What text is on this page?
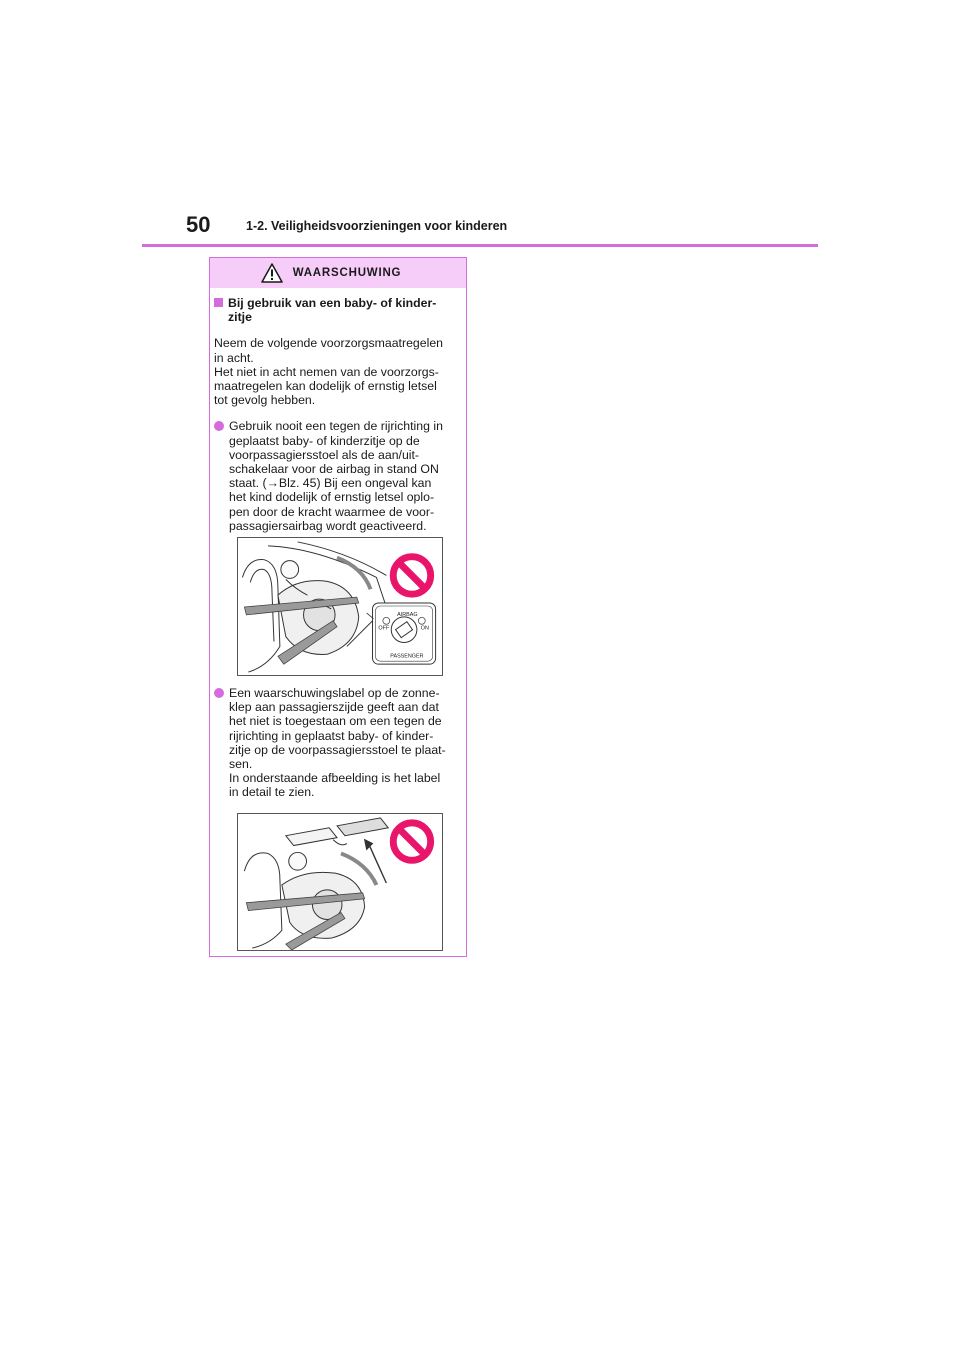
50	1-2. Veiligheidsvoorzieningen voor kinderen
WAARSCHUWING
Bij gebruik van een baby- of kinder-
zitje
Neem de volgende voorzorgsmaatregelen
in acht.
Het niet in acht nemen van de voorzorgs-
maatregelen kan dodelijk of ernstig letsel
tot gevolg hebben.
Gebruik nooit een tegen de rijrichting in
geplaatst baby- of kinderzitje op de
voorpassagiersstoel als de aan/uit-
schakelaar voor de airbag in stand ON
staat. (→Blz. 45) Bij een ongeval kan
het kind dodelijk of ernstig letsel oplo-
pen door de kracht waarmee de voor-
passagiersairbag wordt geactiveerd.
AIRBAG
OFF	ON
PASSENGER
Een waarschuwingslabel op de zonne-
klep aan passagierszijde geeft aan dat
het niet is toegestaan om een tegen de
rijrichting in geplaatst baby- of kinder-
zitje op de voorpassagiersstoel te plaat-
sen.
In onderstaande afbeelding is het label
in detail te zien.
